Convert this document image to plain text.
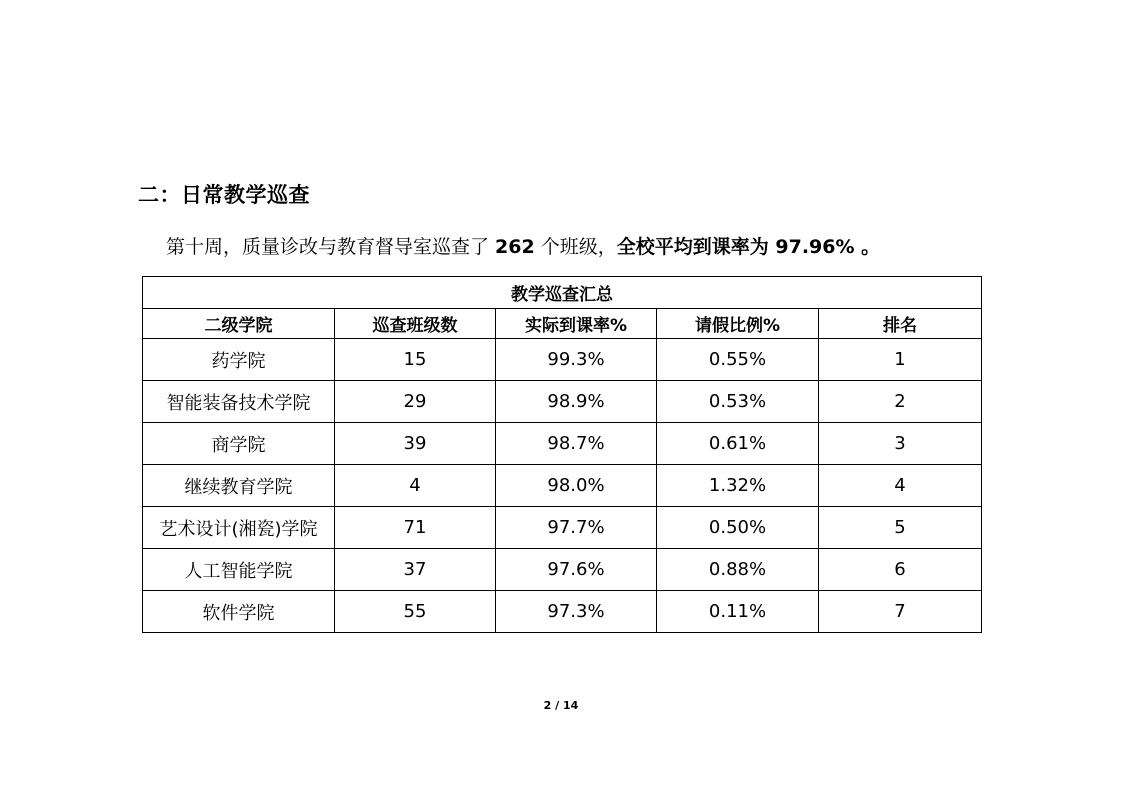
二：日常教学巡查
第十周，质量诊改与教育督导室巡查了 262 个班级，全校平均到课率为 97.96% 。
教学巡查汇总				
二级学院	巡查班级数	实际到课率%	请假比例%	排名
药学院	15	99.3%	0.55%	1
智能装备技术学院	29	98.9%	0.53%	2
商学院	39	98.7%	0.61%	3
继续教育学院	4	98.0%	1.32%	4
艺术设计(湘瓷)学院	71	97.7%	0.50%	5
人工智能学院	37	97.6%	0.88%	6
软件学院	55	97.3%	0.11%	7
2 / 14
